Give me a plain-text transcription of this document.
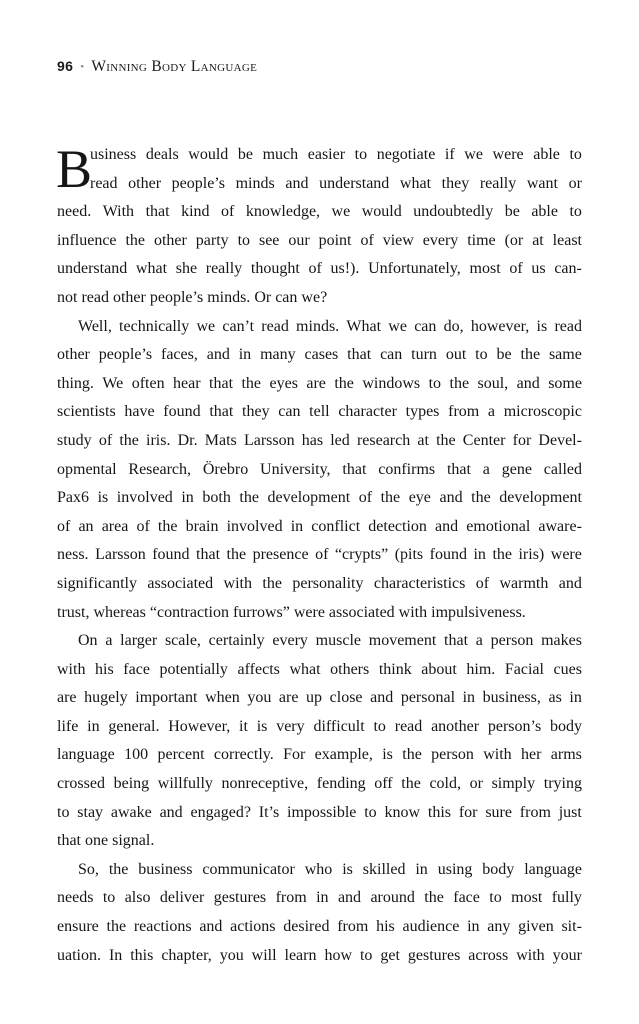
96 • Winning Body Language
B
usiness deals would be much easier to negotiate if we were able to
read other people’s minds and understand what they really want or
need. With that kind of knowledge, we would undoubtedly be able to
influence the other party to see our point of view every time (or at least
understand what she really thought of us!). Unfortunately, most of us can-
not read other people’s minds. Or can we?
Well, technically we can’t read minds. What we can do, however, is read
other people’s faces, and in many cases that can turn out to be the same
thing. We often hear that the eyes are the windows to the soul, and some
scientists have found that they can tell character types from a microscopic
study of the iris. Dr. Mats Larsson has led research at the Center for Devel-
opmental Research, Örebro University, that confirms that a gene called
Pax6 is involved in both the development of the eye and the development
of an area of the brain involved in conflict detection and emotional aware-
ness. Larsson found that the presence of “crypts” (pits found in the iris) were
significantly associated with the personality characteristics of warmth and
trust, whereas “contraction furrows” were associated with impulsiveness.
On a larger scale, certainly every muscle movement that a person makes
with his face potentially affects what others think about him. Facial cues
are hugely important when you are up close and personal in business, as in
life in general. However, it is very difficult to read another person’s body
language 100 percent correctly. For example, is the person with her arms
crossed being willfully nonreceptive, fending off the cold, or simply trying
to stay awake and engaged? It’s impossible to know this for sure from just
that one signal.
So, the business communicator who is skilled in using body language
needs to also deliver gestures from in and around the face to most fully
ensure the reactions and actions desired from his audience in any given sit-
uation. In this chapter, you will learn how to get gestures across with your
